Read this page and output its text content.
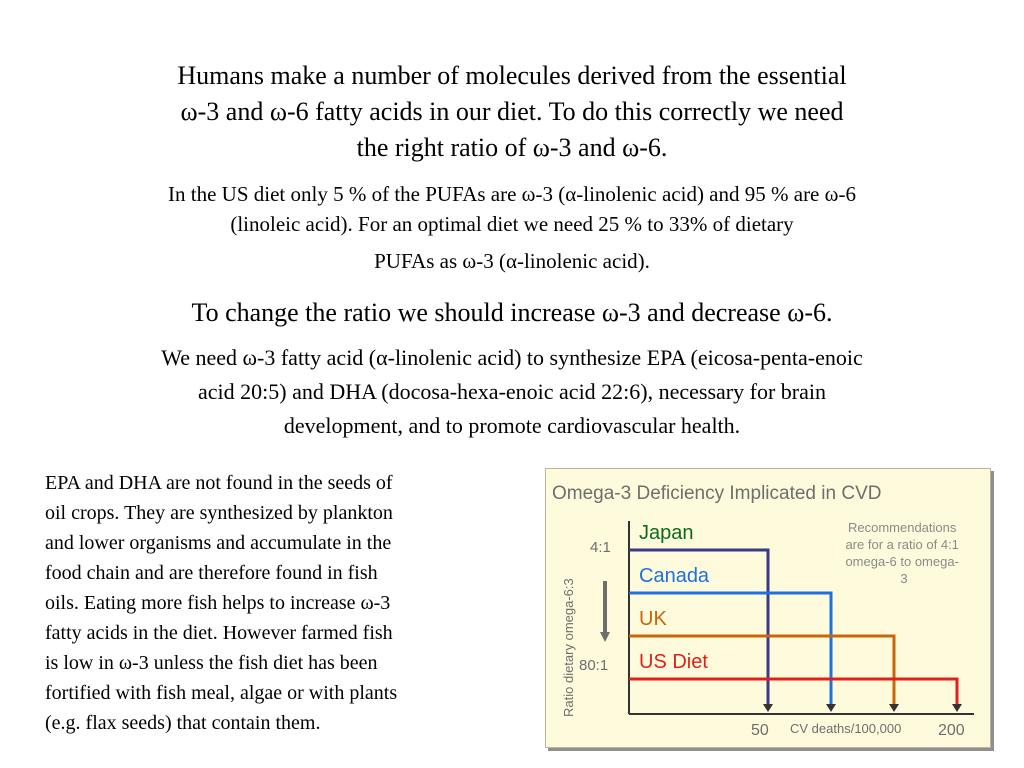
Humans make a number of molecules derived from the essential
ω-3 and ω-6 fatty acids in our diet. To do this correctly we need
the right ratio of ω-3 and ω-6.
In the US diet only 5 % of the PUFAs are ω-3 (α-linolenic acid) and 95 % are ω-6
(linoleic acid). For an optimal diet we need 25 % to 33% of dietary
PUFAs as ω-3 (α-linolenic acid).
To change the ratio we should increase ω-3 and decrease ω-6.
We need ω-3 fatty acid (α-linolenic acid) to synthesize EPA (eicosa-penta-enoic
acid 20:5) and DHA (docosa-hexa-enoic acid 22:6), necessary for brain
development, and to promote cardiovascular health.
EPA and DHA are not found in the seeds of
oil crops. They are synthesized by plankton
and lower organisms and accumulate in the
food chain and are therefore found in fish
oils. Eating more fish helps to increase ω-3
fatty acids in the diet. However farmed fish
is low in ω-3 unless the fish diet has been
fortified with fish meal, algae or with plants
(e.g. flax seeds) that contain them.
Omega-3 Deficiency Implicated in CVD
Ratio dietary omega-6:3
4:1
80:1
50 CV deaths/100,000 200
Recommendations are for a ratio of 4:1 omega-6 to omega- 3
Japan
Canada
UK
US Diet
